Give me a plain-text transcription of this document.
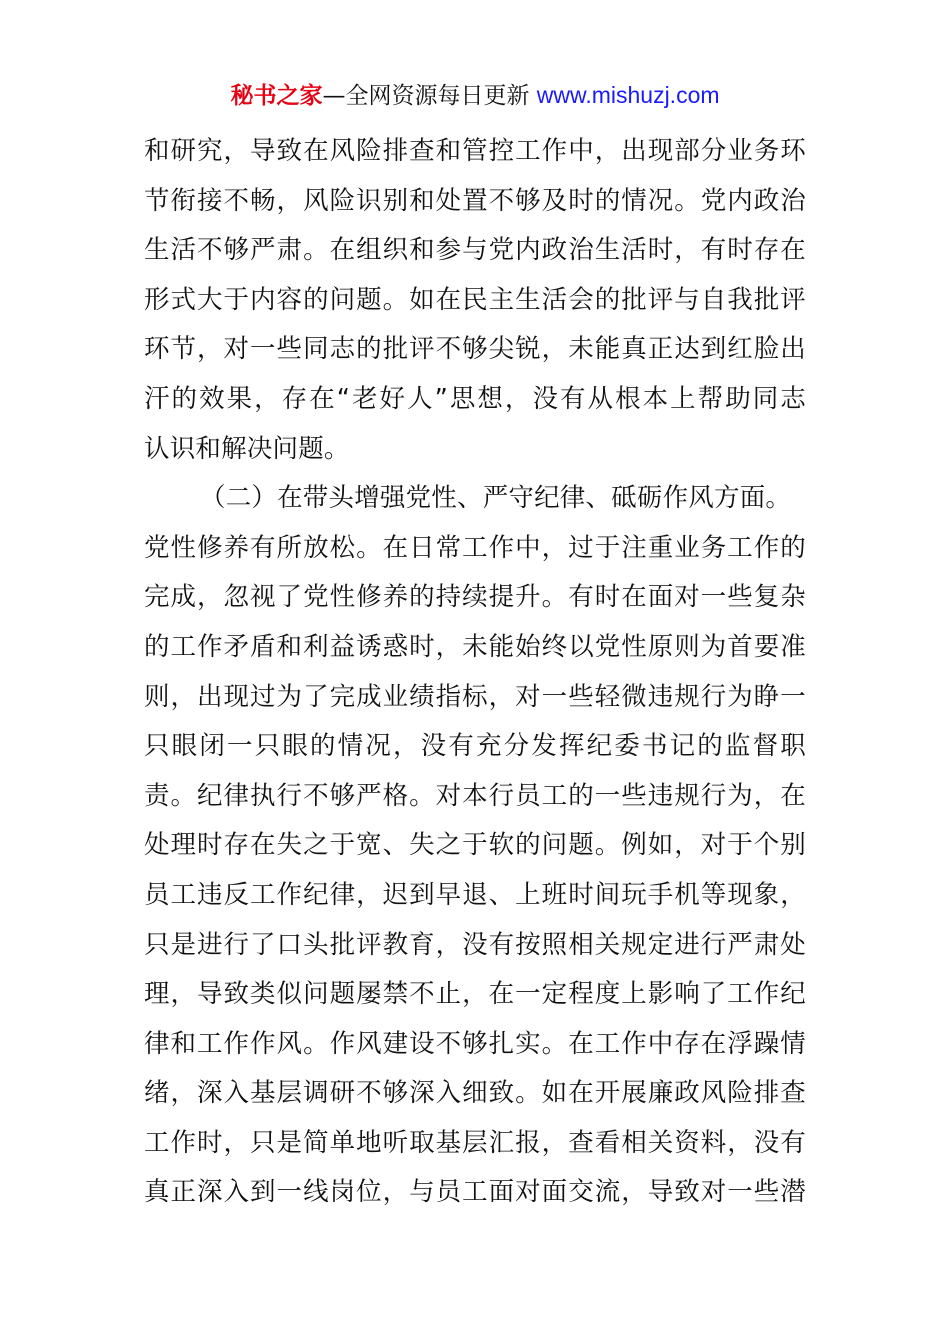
秘书之家—全网资源每日更新 www.mishuzj.com
和研究，导致在风险排查和管控工作中，出现部分业务环
节衔接不畅，风险识别和处置不够及时的情况。党内政治
生活不够严肃。在组织和参与党内政治生活时，有时存在
形式大于内容的问题。如在民主生活会的批评与自我批评
环节，对一些同志的批评不够尖锐，未能真正达到红脸出
汗的效果，存在“老好人”思想，没有从根本上帮助同志
认识和解决问题。
（二）在带头增强党性、严守纪律、砥砺作风方面。
党性修养有所放松。在日常工作中，过于注重业务工作的
完成，忽视了党性修养的持续提升。有时在面对一些复杂
的工作矛盾和利益诱惑时，未能始终以党性原则为首要准
则，出现过为了完成业绩指标，对一些轻微违规行为睁一
只眼闭一只眼的情况，没有充分发挥纪委书记的监督职
责。纪律执行不够严格。对本行员工的一些违规行为，在
处理时存在失之于宽、失之于软的问题。例如，对于个别
员工违反工作纪律，迟到早退、上班时间玩手机等现象，
只是进行了口头批评教育，没有按照相关规定进行严肃处
理，导致类似问题屡禁不止，在一定程度上影响了工作纪
律和工作作风。作风建设不够扎实。在工作中存在浮躁情
绪，深入基层调研不够深入细致。如在开展廉政风险排查
工作时，只是简单地听取基层汇报，查看相关资料，没有
真正深入到一线岗位，与员工面对面交流，导致对一些潜
